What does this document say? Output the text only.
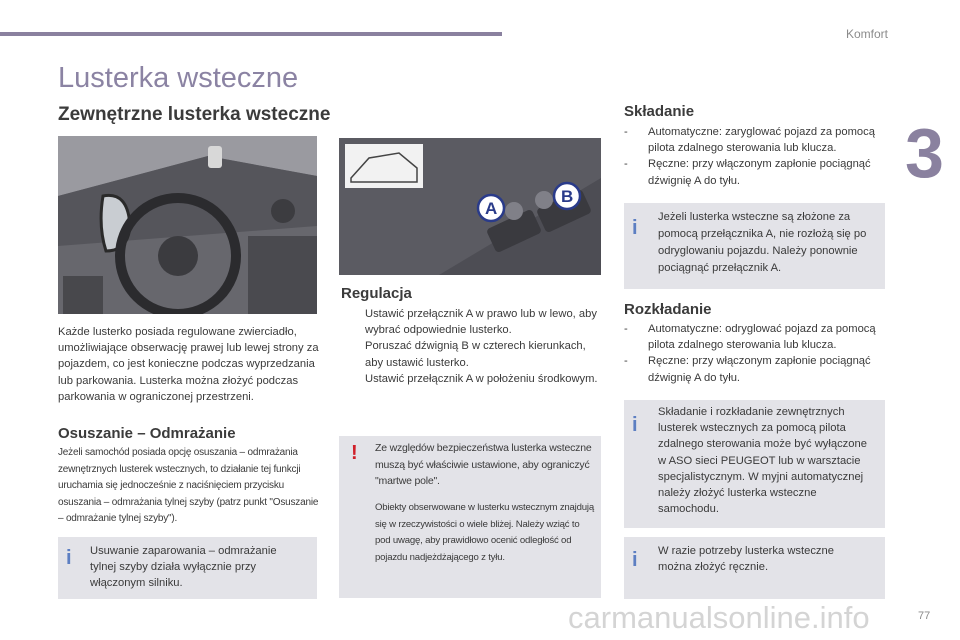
Komfort
3
77
Lusterka wsteczne
Zewnętrzne lusterka wsteczne
Każde lusterko posiada regulowane zwierciadło, umożliwiające obserwację prawej lub lewej strony za pojazdem, co jest konieczne podczas wyprzedzania lub parkowania. Lusterka można złożyć podczas parkowania w ograniczonej przestrzeni.
Osuszanie – Odmrażanie
Jeżeli samochód posiada opcję osuszania – odmrażania zewnętrznych lusterek wstecznych, to działanie tej funkcji uruchamia się jednocześnie z naciśnięciem przycisku osuszania – odmrażania tylnej szyby (patrz punkt "Osuszanie – odmrażanie tylnej szyby").
i	Usuwanie zaparowania – odmrażanie tylnej szyby działa wyłącznie przy włączonym silniku.
A
B
Regulacja
Ustawić przełącznik A w prawo lub w lewo, aby wybrać odpowiednie lusterko.
Poruszać dźwignią B w czterech kierunkach, aby ustawić lusterko.
Ustawić przełącznik A w położeniu środkowym.
!	Ze względów bezpieczeństwa lusterka wsteczne muszą być właściwie ustawione, aby ograniczyć "martwe pole".
Obiekty obserwowane w lusterku wstecznym znajdują się w rzeczywistości o wiele bliżej. Należy wziąć to pod uwagę, aby prawidłowo ocenić odległość od pojazdu nadjeżdżającego z tyłu.
Składanie
- Automatyczne: zaryglować pojazd za pomocą pilota zdalnego sterowania lub klucza.
- Ręczne: przy włączonym zapłonie pociągnąć dźwignię A do tyłu.
i	Jeżeli lusterka wsteczne są złożone za pomocą przełącznika A, nie rozłożą się po odryglowaniu pojazdu. Należy ponownie pociągnąć przełącznik A.
Rozkładanie
- Automatyczne: odryglować pojazd za pomocą pilota zdalnego sterowania lub klucza.
- Ręczne: przy włączonym zapłonie pociągnąć dźwignię A do tyłu.
i
Składanie i rozkładanie zewnętrznych lusterek wstecznych za pomocą pilota zdalnego sterowania może być wyłączone w ASO sieci PEUGEOT lub w warsztacie specjalistycznym. W myjni automatycznej należy złożyć lusterka wsteczne samochodu.
i	W razie potrzeby lusterka wsteczne można złożyć ręcznie.
carmanualsonline.info
